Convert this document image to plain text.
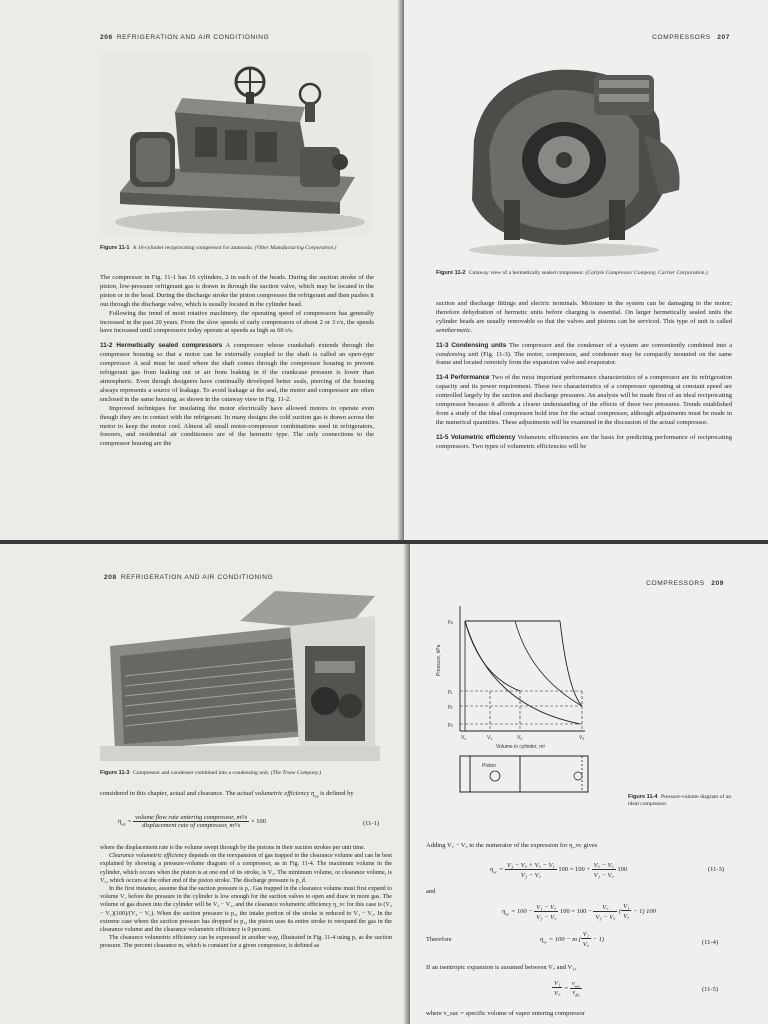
206 REFRIGERATION AND AIR CONDITIONING
Figure 11-1 A 16-cylinder reciprocating compressor for ammonia. (Vilter Manufacturing Corporation.)

The compressor in Fig. 11-1 has 16 cylinders, 2 in each of the heads. During the suction stroke of the piston, low-pressure refrigerant gas is drawn in through the suction valve, which may be located in the piston or in the head. During the discharge stroke the piston compresses the refrigerant and then pushes it out through the discharge valve, which is usually located in the cylinder head.

Following the trend of most rotative machinery, the operating speed of compressors has generally increased in the past 20 years. From the slow speeds of early compressors of about 2 or 3 r/s, the speeds have increased until compressors today operate at speeds as high as 60 r/s.

11-2 Hermetically sealed compressors A compressor whose crankshaft extends through the compressor housing so that a motor can be externally coupled to the shaft is called an open-type compressor. A seal must be used where the shaft comes through the compressor housing to prevent refrigerant gas from leaking out or air from leaking in if the crankcase pressure is lower than atmospheric. Even though designers have continually developed better seals, piercing of the housing always represents a source of leakage. To avoid leakage at the seal, the motor and compressor are often enclosed in the same housing, as shown in the cutaway view in Fig. 11-2.

Improved techniques for insulating the motor electrically have allowed motors to operate even though they are in contact with the refrigerant. In many designs the cold suction gas is drawn across the motor to keep the motor cool. Almost all small motor-compressor combinations used in refrigerators, freezers, and residential air conditioners are of the hermetic type. The only connections to the compressor housing are the

COMPRESSORS 207
Figure 11-2 Cutaway view of a hermetically sealed compressor. (Carlyle Compressor Company, Carrier Corporation.)

suction and discharge fittings and electric terminals. Moisture in the system can be damaging to the motor; therefore dehydration of hermetic units before charging is essential. On larger hermetically sealed units the cylinder heads are usually removable so that the valves and pistons can be serviced. This type of unit is called semihermetic.

11-3 Condensing units The compressor and the condenser of a system are conveniently combined into a condensing unit (Fig. 11-3). The motor, compressor, and condenser may be compactly mounted on the same frame and located remotely from the expansion valve and evaporator.

11-4 Performance Two of the most important performance characteristics of a compressor are its refrigeration capacity and its power requirement. These two characteristics of a compressor operating at constant speed are controlled largely by the suction and discharge pressures. An analysis will be made first of an ideal reciprocating compressor because it affords a clearer understanding of the effects of these two pressures. Trends established from a study of the ideal compressor hold true for the actual compressor, although adjustments must be made in the numerical quantities. These adjustments will be examined in the discussion of the actual compressor.

11-5 Volumetric efficiency Volumetric efficiencies are the basis for predicting performance of reciprocating compressors. Two types of volumetric efficiencies will be

208 REFRIGERATION AND AIR CONDITIONING
Figure 11-3 Compressor and condenser combined into a condensing unit. (The Trane Company.)

considered in this chapter, actual and clearance. The actual volumetric efficiency $\eta_{va}$ is defined by

$\eta_{va} = \frac{\text{volume flow rate entering compressor, m³/s}}{\text{displacement rate of compressor, m³/s}} \times 100$	(11-1)

where the displacement rate is the volume swept through by the pistons in their suction strokes per unit time.

Clearance volumetric efficiency depends on the reexpansion of gas trapped in the clearance volume and can be best explained by showing a pressure-volume diagram of a compressor, as in Fig. 11-4. The maximum volume in the cylinder, which occurs when the piston is at one end of its stroke, is V₃. The minimum volume, or clearance volume, is V꜀, which occurs at the other end of the piston stroke. The discharge pressure is p_d.

In the first instance, assume that the suction pressure is p₁. Gas trapped in the clearance volume must first expand to volume V₁ before the pressure in the cylinder is low enough for the suction valves to open and draw in more gas. The volume of gas drawn into the cylinder will be V₃ − V₁, and the clearance volumetric efficiency η_vc for this case is (V₃ − V₁)(100)/(V₃ − V꜀). When the suction pressure is p₂, the intake portion of the stroke is reduced to V₃ − V₂. In the extreme case where the suction pressure has dropped to p₃, the piston uses its entire stroke to reexpand the gas in the clearance volume and the clearance volumetric efficiency is 0 percent.

The clearance volumetric efficiency can be expressed in another way, illustrated in Fig. 11-4 using p₁ as the suction pressure. The percent clearance m, which is constant for a given compressor, is defined as

COMPRESSORS 209
$p_d$
$p_1$
$p_2$
$p_3$
$V_c$	$V_1$	$V_2$	$V_3$
Volume in cylinder, m³
Pressure, kPa
Piston
Figure 11-4 Pressure-volume diagram of an ideal compressor.

Adding V꜀ − V꜀ to the numerator of the expression for η_vc gives

$\eta_{vc} = \frac{\text{V₃ − V꜀ + V꜀ − V₁}}{\text{V₃ − V꜀}} 100 = 100 + \frac{\text{V꜀ − V₁}}{\text{V₃ − V꜀}} 100$	(11-3)

and

$\eta_{vc} = 100 - \frac{\text{V₁ − V꜀}}{\text{V₃ − V꜀}} 100 = 100 - \frac{V꜀}{\text{V₃ − V꜀}}$ ( $\frac{\text{V₁}}{V꜀} - 1$) 100

Therefore	$\eta_{vc} = 100 - m$ ( $\frac{\text{V₁}}{V꜀} - 1$)	(11-4)

If an isentropic expansion is assumed between V꜀ and V₁,

$\frac{\text{V₁}}{V꜀} = \frac{v_{suc}}{v_{dis}}$	(11-5)

where v_suc = specific volume of vapor entering compressor
